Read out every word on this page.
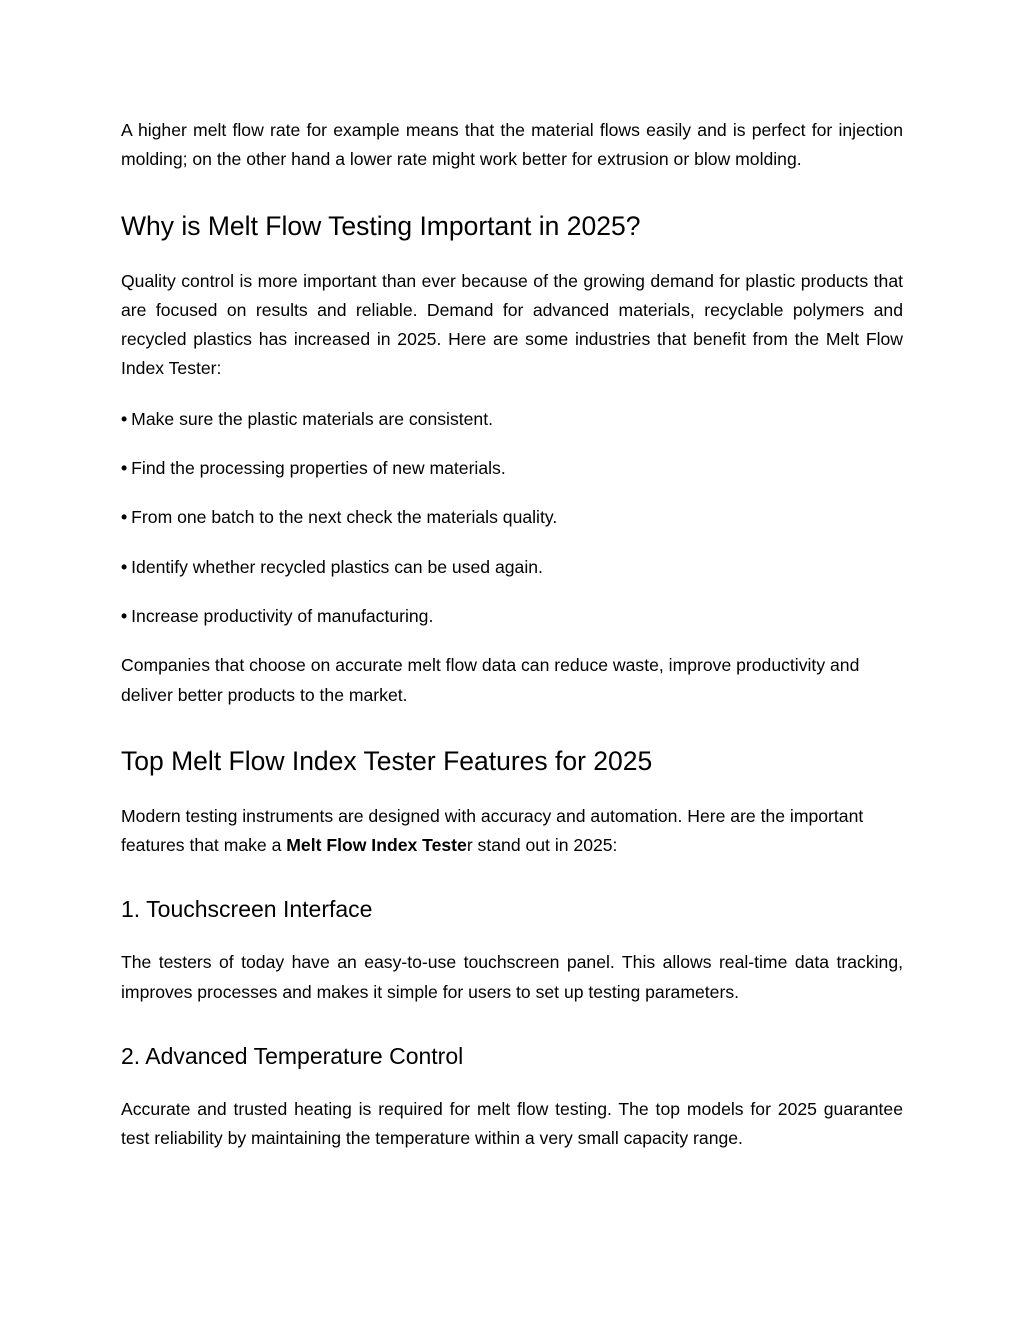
A higher melt flow rate for example means that the material flows easily and is perfect for injection molding; on the other hand a lower rate might work better for extrusion or blow molding.

Why is Melt Flow Testing Important in 2025?

Quality control is more important than ever because of the growing demand for plastic products that are focused on results and reliable. Demand for advanced materials, recyclable polymers and recycled plastics has increased in 2025. Here are some industries that benefit from the Melt Flow Index Tester:

• Make sure the plastic materials are consistent.
• Find the processing properties of new materials.
• From one batch to the next check the materials quality.
• Identify whether recycled plastics can be used again.
• Increase productivity of manufacturing.

Companies that choose on accurate melt flow data can reduce waste, improve productivity and deliver better products to the market.

Top Melt Flow Index Tester Features for 2025

Modern testing instruments are designed with accuracy and automation. Here are the important features that make a Melt Flow Index Tester stand out in 2025:

1. Touchscreen Interface

The testers of today have an easy-to-use touchscreen panel. This allows real-time data tracking, improves processes and makes it simple for users to set up testing parameters.

2. Advanced Temperature Control

Accurate and trusted heating is required for melt flow testing. The top models for 2025 guarantee test reliability by maintaining the temperature within a very small capacity range.
